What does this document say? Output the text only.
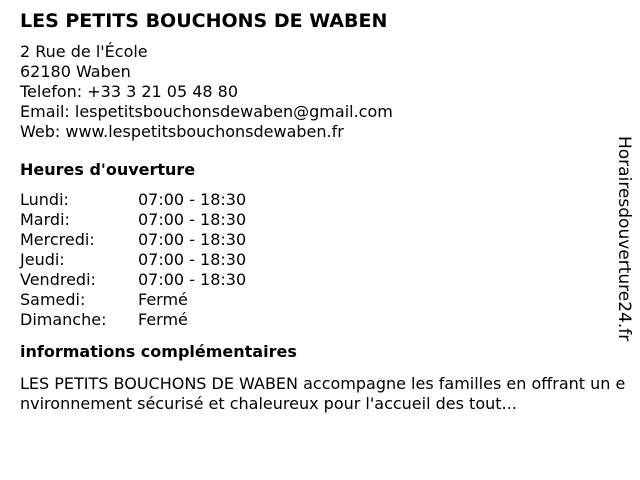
LES PETITS BOUCHONS DE WABEN

2 Rue de l'École

62180 Waben

Telefon: +33 3 21 05 48 80

Email: lespetitsbouchonsdewaben@gmail.com

Web: www.lespetitsbouchonsdewaben.fr

Heures d'ouverture
Lundi:	07:00 - 18:30
Mardi:	07:00 - 18:30
Mercredi:	07:00 - 18:30
Jeudi:	07:00 - 18:30
Vendredi:	07:00 - 18:30
Samedi:	Fermé
Dimanche:	Fermé
informations complémentaires

LES PETITS BOUCHONS DE WABEN accompagne les familles en offrant un environnement sécurisé et chaleureux pour l'accueil des tout...

Horairesdouverture24.fr
